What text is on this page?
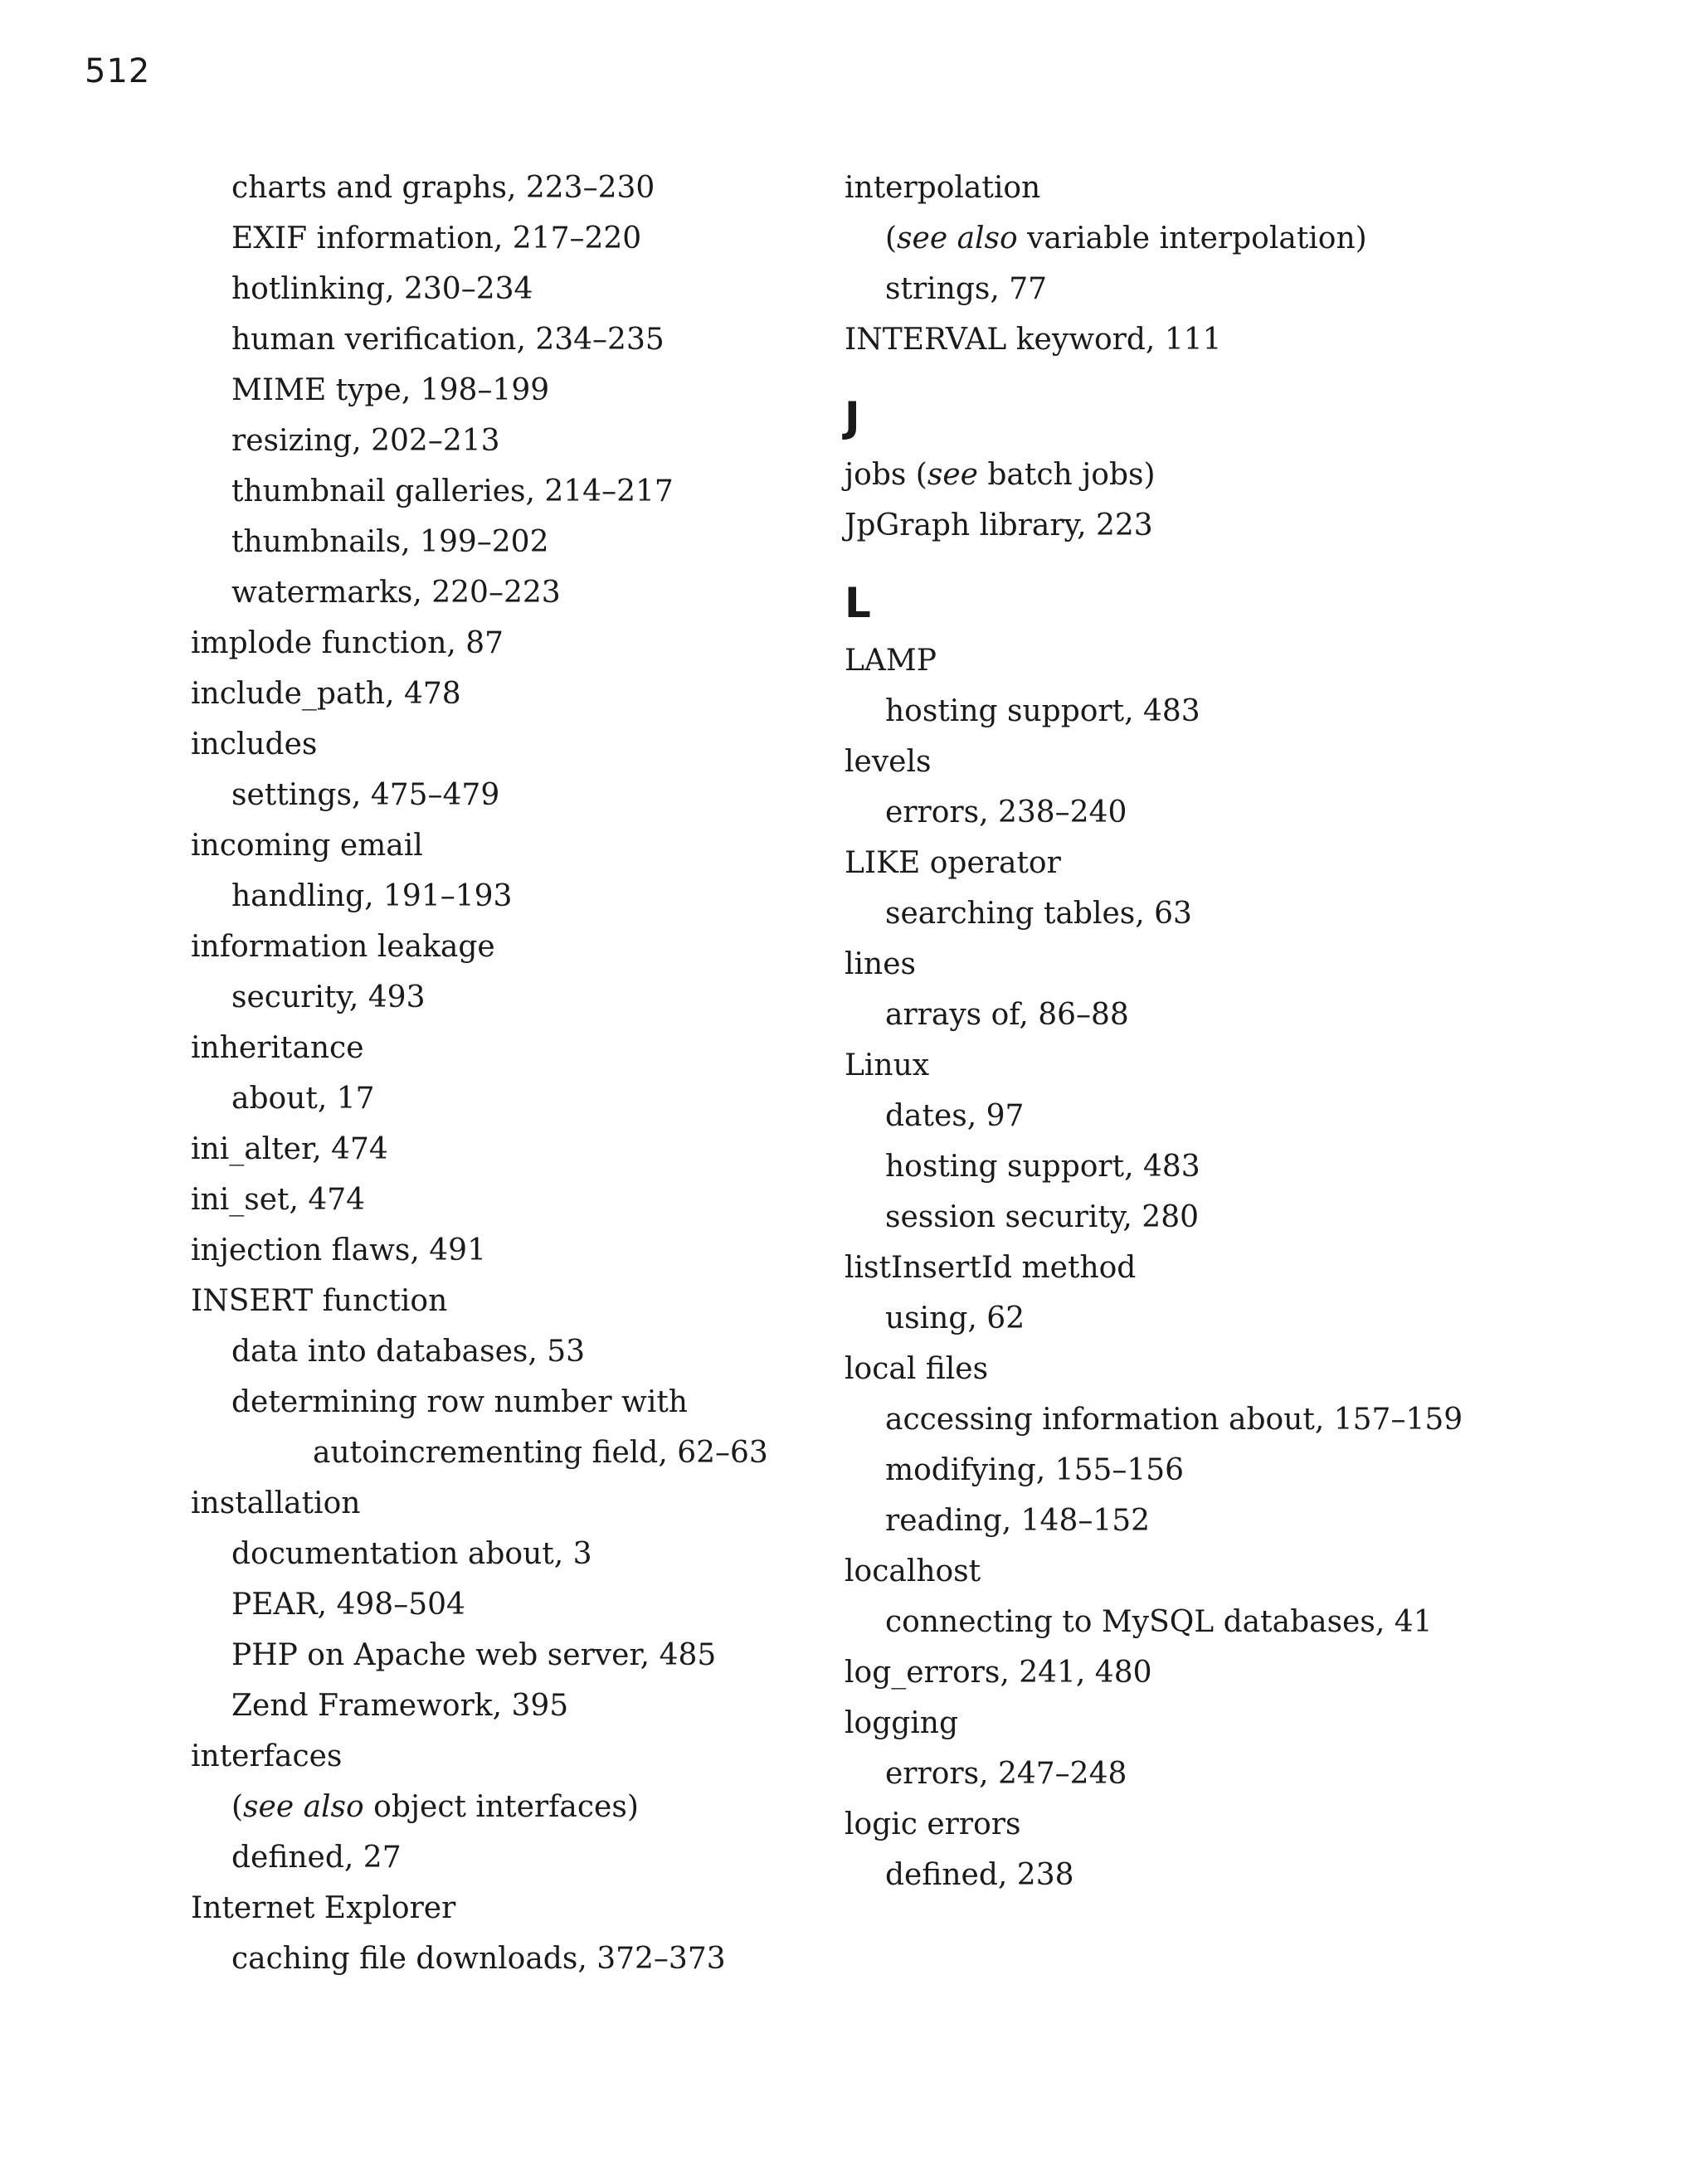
512
charts and graphs, 223–230
EXIF information, 217–220
hotlinking, 230–234
human verification, 234–235
MIME type, 198–199
resizing, 202–213
thumbnail galleries, 214–217
thumbnails, 199–202
watermarks, 220–223
implode function, 87
include_path, 478
includes
settings, 475–479
incoming email
handling, 191–193
information leakage
security, 493
inheritance
about, 17
ini_alter, 474
ini_set, 474
injection flaws, 491
INSERT function
data into databases, 53
determining row number with
autoincrementing field, 62–63
installation
documentation about, 3
PEAR, 498–504
PHP on Apache web server, 485
Zend Framework, 395
interfaces
(see also object interfaces)
defined, 27
Internet Explorer
caching file downloads, 372–373
interpolation
(see also variable interpolation)
strings, 77
INTERVAL keyword, 111
J
jobs (see batch jobs)
JpGraph library, 223
L
LAMP
hosting support, 483
levels
errors, 238–240
LIKE operator
searching tables, 63
lines
arrays of, 86–88
Linux
dates, 97
hosting support, 483
session security, 280
listInsertId method
using, 62
local files
accessing information about, 157–159
modifying, 155–156
reading, 148–152
localhost
connecting to MySQL databases, 41
log_errors, 241, 480
logging
errors, 247–248
logic errors
defined, 238
